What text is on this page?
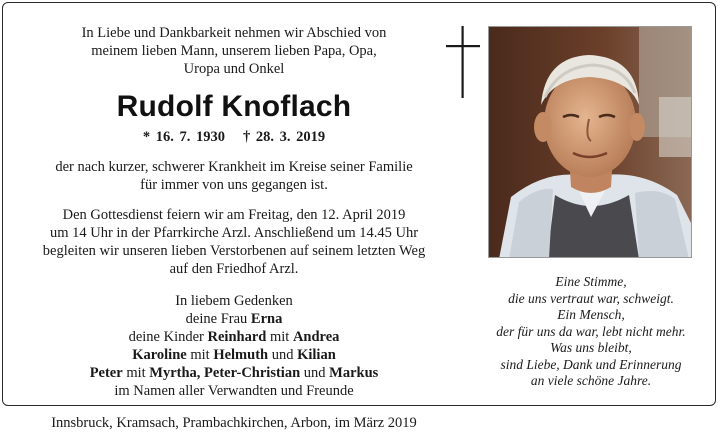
In Liebe und Dankbarkeit nehmen wir Abschied von

meinem lieben Mann, unserem lieben Papa, Opa,

Uropa und Onkel

Rudolf Knoflach
* 16. 7. 1930 † 28. 3. 2019

der nach kurzer, schwerer Krankheit im Kreise seiner Familie

für immer von uns gegangen ist.

Den Gottesdienst feiern wir am Freitag, den 12. April 2019

um 14 Uhr in der Pfarrkirche Arzl. Anschließend um 14.45 Uhr

begleiten wir unseren lieben Verstorbenen auf seinem letzten Weg

auf den Friedhof Arzl.

In liebem Gedenken

deine Frau Erna

deine Kinder Reinhard mit Andrea

Karoline mit Helmuth und Kilian

Peter mit Myrtha, Peter-Christian und Markus

im Namen aller Verwandten und Freunde

Innsbruck, Kramsach, Prambachkirchen, Arbon, im März 2019

Eine Stimme,

die uns vertraut war, schweigt.

Ein Mensch,

der für uns da war, lebt nicht mehr.

Was uns bleibt,

sind Liebe, Dank und Erinnerung

an viele schöne Jahre.
